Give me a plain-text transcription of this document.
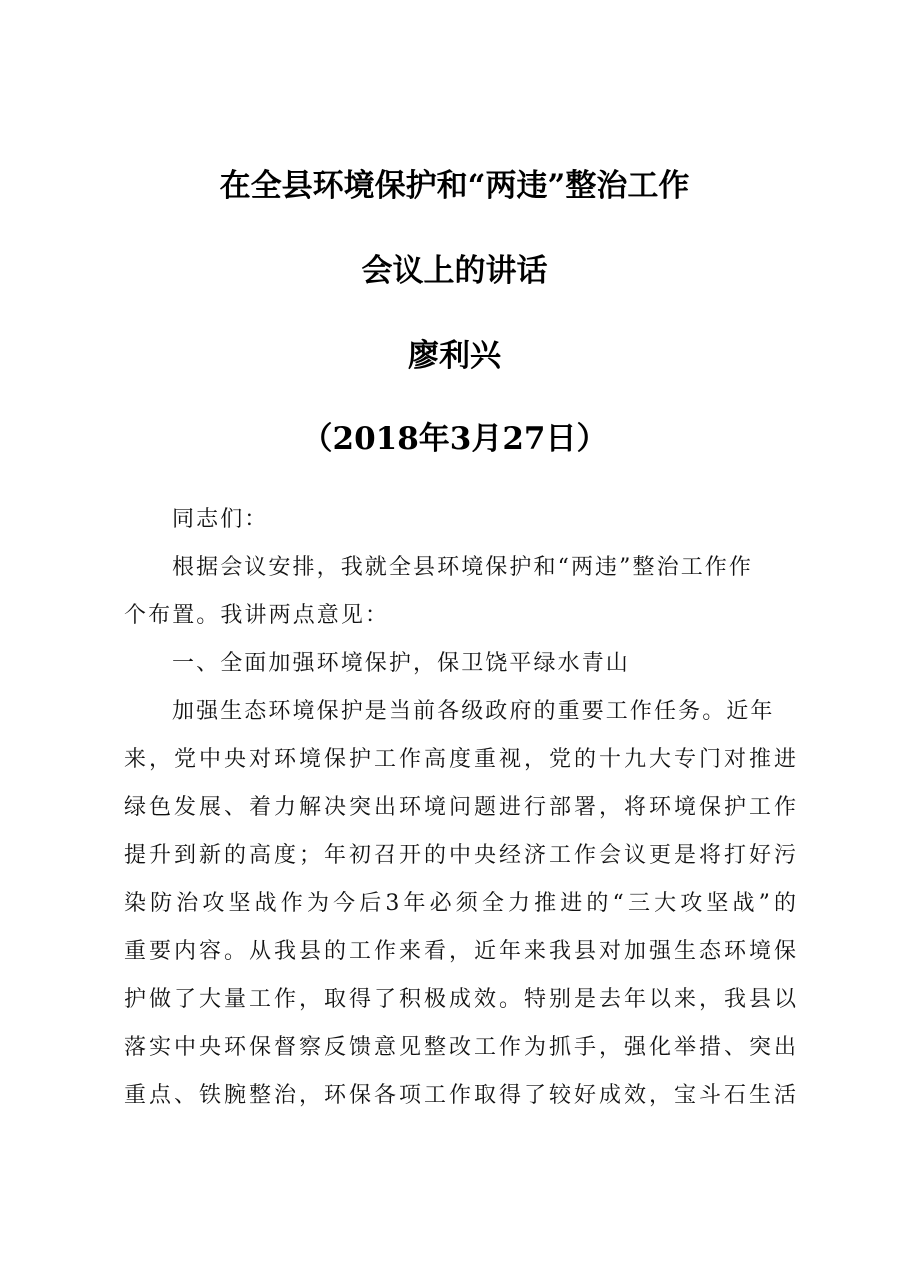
在全县环境保护和“两违”整治工作
会议上的讲话
廖利兴
（2018年3月27日）
同志们：
根据会议安排，我就全县环境保护和“两违”整治工作作
个布置。我讲两点意见：
一、全面加强环境保护，保卫饶平绿水青山
加强生态环境保护是当前各级政府的重要工作任务。近年
来，党中央对环境保护工作高度重视，党的十九大专门对推进
绿色发展、着力解决突出环境问题进行部署，将环境保护工作
提升到新的高度；年初召开的中央经济工作会议更是将打好污
染防治攻坚战作为今后3年必须全力推进的“三大攻坚战”的
重要内容。从我县的工作来看，近年来我县对加强生态环境保
护做了大量工作，取得了积极成效。特别是去年以来，我县以
落实中央环保督察反馈意见整改工作为抓手，强化举措、突出
重点、铁腕整治，环保各项工作取得了较好成效，宝斗石生活
